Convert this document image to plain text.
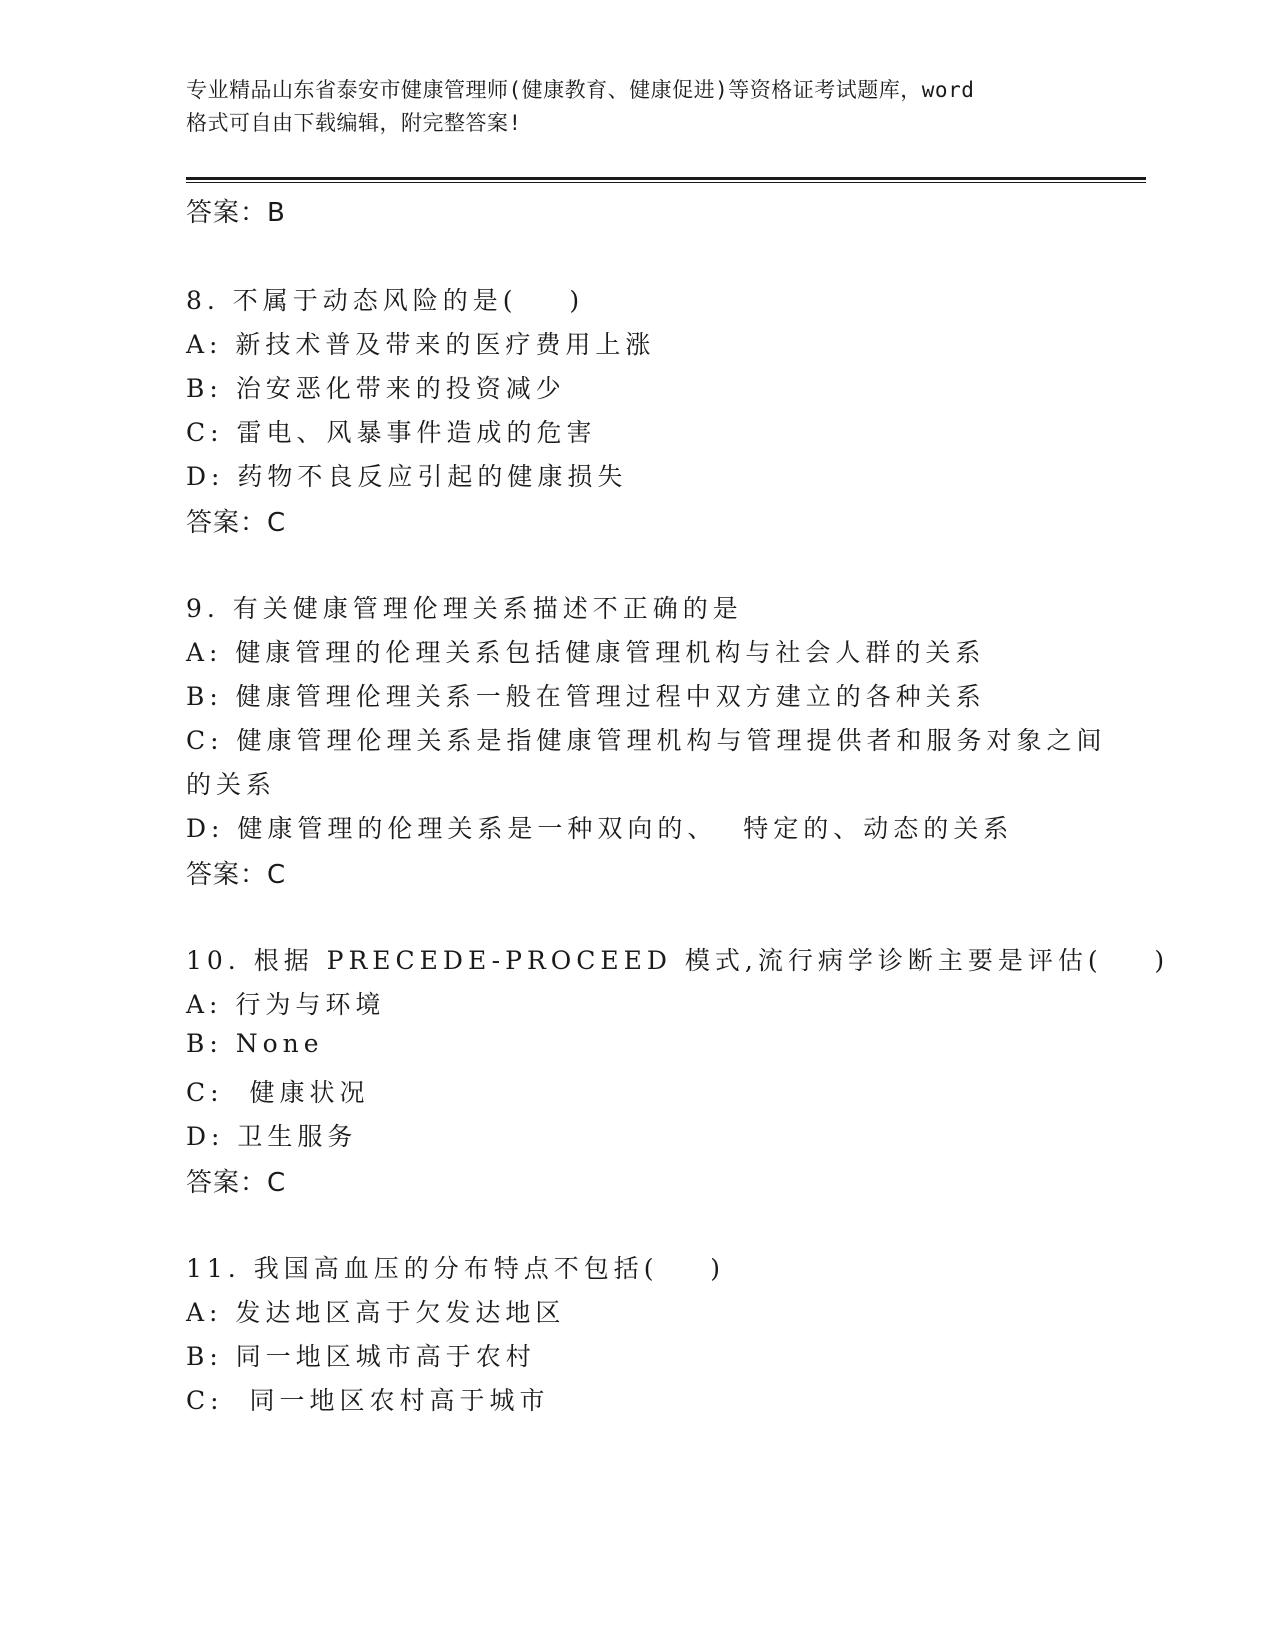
专业精品山东省泰安市健康管理师(健康教育、健康促进)等资格证考试题库，word
格式可自由下载编辑，附完整答案!
答案：B
8. 不属于动态风险的是(    )
A: 新技术普及带来的医疗费用上涨
B: 治安恶化带来的投资减少
C: 雷电、风暴事件造成的危害
D: 药物不良反应引起的健康损失
答案：C
9. 有关健康管理伦理关系描述不正确的是
A: 健康管理的伦理关系包括健康管理机构与社会人群的关系
B: 健康管理伦理关系一般在管理过程中双方建立的各种关系
C: 健康管理伦理关系是指健康管理机构与管理提供者和服务对象之间
的关系
D: 健康管理的伦理关系是一种双向的、  特定的、动态的关系
答案：C
10. 根据 PRECEDE-PROCEED 模式,流行病学诊断主要是评估(    )
A: 行为与环境
B: None
C:  健康状况
D: 卫生服务
答案：C
11. 我国高血压的分布特点不包括(    )
A: 发达地区高于欠发达地区
B: 同一地区城市高于农村
C:  同一地区农村高于城市
